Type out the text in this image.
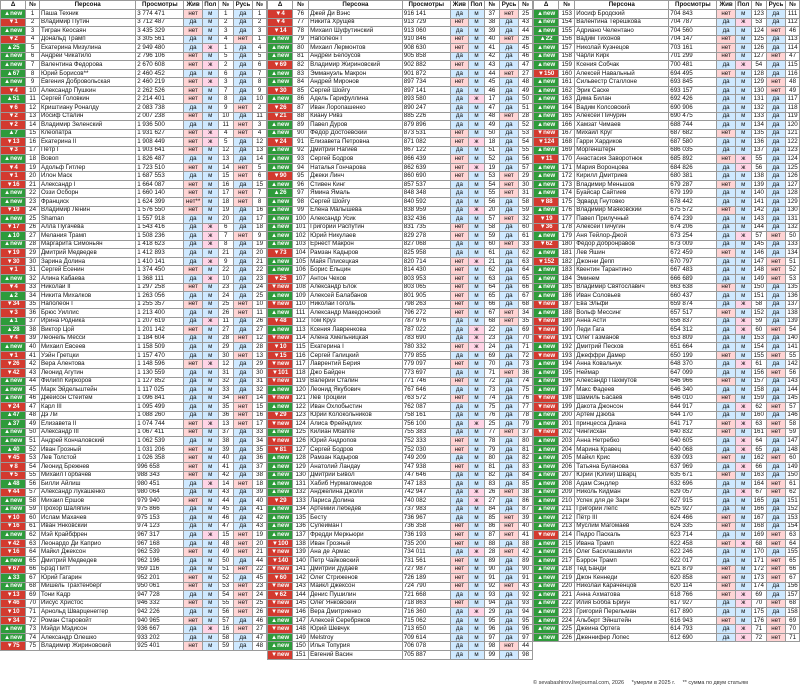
Δ	№	Персона	Просмотры	Жив	Пол	№	Русь	№
▲new	1	Паша Техник	3 774 471	нет	м	1	да	1
▼1	2	Владимир Путин	3 712 487	да	м	2	да	2
▲new	3	Тигран Кеосаян	3 435 329	нет	м	3	да	3
▼2	4	Дональд Трамп	3 305 561	да	м	4	нет	1
▲25	5	Екатерина Мизулина	2 949 480	да	ж	1	да	4
▲new	6	Андрей Чикатило	2 796 106	нет	м	5	да	5
▲new	7	Валентина Федорова	2 670 608	нет	ж	2	да	6
▲67	8	Юрий Борисов**	2 460 452	да	м	6	да	7
▲new	9	Евгения Добровольская	2 460 219	нет	ж	3	да	8
▼4	10	Александр Пушкин	2 262 526	нет	м	7	да	9
▲51	11	Сергей Головкин	2 214 401	нет	м	8	да	10
▼6	12	Криштиану Роналду	2 083 738	да	м	9	нет	2
▼2	13	Иосиф Сталин	2 007 238	нет	м	10	да	11
▼2	14	Владимир Зеленский	1 936 500	да	м	11	нет	3
▲7	15	Клеопатра	1 931 627	нет	ж	4	нет	4
▼13	16	Екатерина II	1 908 449	нет	ж	5	да	12
▼3	17	Пётр I	1 903 641	нет	м	12	да	13
▲new	18	Вовоп	1 826 487	да	м	13	да	14
▼4	19	Адольф Гитлер	1 723 510	нет	м	14	нет	5
▼1	20	Илон Маск	1 687 553	да	м	15	нет	6
▼16	21	Александр I	1 664 087	нет	м	16	да	15
▲new	22	Оззи Осборн	1 660 140	нет	м	17	нет	7
▲new	23	Франциск	1 624 399	нет**	м	18	нет	8
▼19	24	Владимир Ленин	1 576 550	нет	м	19	да	16
▲new	25	Shaman	1 557 918	да	м	20	да	17
▼17	26	Алла Пугачёва	1 543 416	да	ж	6	да	18
▲10	27	Мелания Трамп	1 508 236	да	ж	7	нет	9
▲new	28	Маргарита Симоньян	1 418 623	да	ж	8	да	19
▼19	29	Дмитрий Медведев	1 412 893	да	м	21	да	20
▼30	30	Зарина Долина	1 410 141	да	ж	9	да	21
▼1	31	Сергей Есенин	1 374 450	нет	м	22	да	22
▲new	32	Алина Кабаева	1 368 111	да	ж	10	да	23
▼4	33	Николай II	1 297 258	нет	м	23	да	24
▲2	34	Никита Михалков	1 263 056	да	м	24	да	25
▼34	35	Наполеон I	1 255 357	нет	м	25	нет	10
▼3	36	Брюс Уиллис	1 213 400	да	м	26	нет	11
▲1	37	Ирина Родника	1 207 619	да	ж	11	да	26
▲28	38	Виктор Цой	1 201 142	нет	м	27	да	27
▼4	39	Леонель Месси	1 184 604	да	м	28	нет	12
▲new	40	Михаил Евсеев	1 158 509	да	м	29	да	28
▼1	41	Уэйн Гретцки	1 157 470	да	м	30	нет	13
▼26	42	Вера Алентова	1 148 596	нет	ж	12	да	29
▼42	43	Леонид Агутин	1 130 559	да	м	31	да	30
▲new	44	Филипп Киркоров	1 127 852	да	м	32	да	31
▲new	45	Марк Эйдельштейн	1 117 025	да	м	33	да	32
▲new	46	Джейсон Стейтем	1 096 841	да	м	34	нет	14
▼24	47	Карл III	1 095 499	да	м	35	нет	15
▲47	48	Дэ Ли	1 088 260	да	м	36	нет	16
▲37	49	Елизавета II	1 074 744	нет	ж	13	нет	17
▲new	50	Александр III	1 067 411	нет	м	37	да	33
▲new	51	Андрей Кончаловский	1 062 539	да	м	38	да	34
▲40	52	Иван Грозный	1 031 206	нет	м	39	да	35
▼45	53	Лев Толстой	1 026 358	нет	м	40	да	36
▼8	54	Леонид Брежнев	996 658	нет	м	41	да	37
▼5	55	Михаил Горбачёв	988 343	нет	м	42	да	38
▲48	56	Билли Айлиш	980 451	да	ж	14	нет	18
▼44	57	Александр Лукашенко	980 064	да	м	43	да	39
▲new	58	Михаил Ершов	979 940	нет	м	44	да	40
▲new	59	Прохор Шаляпин	975 866	да	м	45	да	41
▼10	60	Ислам Махачев	975 153	да	м	46	да	42
▼16	61	Иван Янковский	974 123	да	м	47	да	43
▲new	62	Мэй Крайбфрен	967 317	да	ж	15	нет	19
▼42	63	Леонардо Ди Каприо	967 168	да	м	48	нет	20
▼16	64	Майкл Джексон	962 539	нет	м	49	нет	21
▲new	65	Дмитрий Медведев	962 196	да	м	50	да	44
▼67	66	Брэд Питт	959 116	да	м	51	нет	22
▲33	67	Юрий Гагарин	952 201	нет	м	52	да	45
▲new	68	Мишель Трахтенберг	950 061	нет	м	53	нет	23
▼13	69	Тони Кадр	947 728	да	м	54	нет	24
▼46	70	Иисус Христос	946 332	нет	м	55	нет	25
▼10	71	Арнольд Шварценеггер	942 226	да	м	56	нет	26
▼34	72	Роман Старовойт	940 965	нет	м	57	да	46
▲new	73	Мэйди Мэдисон	936 667	да	ж	16	нет	27
▲new	74	Александр Олешко	933 202	да	м	58	да	47
▼75	75	Владимир Жириновский	925 401	нет	м	59	да	48
Δ	№	Персона	Просмотры	Жив	Пол	№	Русь	№
▼4	76	Джей Ди Вэнс	916 141	да	м	37	нет	25
▼4	77	Никита Хрущёв	913 729	нет	м	38	да	43
▼14	78	Михаил Шуфутинский	913 060	да	м	39	да	44
▲new	79	Наполеон I	910 846	нет	м	40	нет	26
▲new	80	Михаил Лермонтов	908 630	нет	м	41	да	45
▲new	81	Андрей Белоусов	905 858	да	м	42	да	46
▼69	82	Владимир Жириновский	902 882	нет	м	43	да	47
▲new	83	Эммануэль Макрон	901 872	да	м	44	нет	27
▲new	84	Андрей Миронов	897 734	нет	м	45	да	48
▼30	85	Сергей Шойгу	897 141	да	м	46	да	49
▲new	86	Адель Гарифуллина	893 580	да	ж	17	да	50
▼26	87	Иван Лоропашенко	890 247	да	м	47	да	51
▼21	88	Киану Ривз	885 226	да	м	48	нет	28
▲new	89	Павел Дуров	879 896	да	м	49	да	52
▲new	90	Фёдор Достоевский	873 531	нет	м	50	да	53
▼24	91	Елизавета Петровна	871 082	нет	ж	18	да	54
▲new	92	Дмитрий Нагиев	867 122	да	м	51	да	55
▲new	93	Сергей Бодров	866 439	нет	м	52	да	56
▲new	94	Наталья Гончарова	862 639	нет	ж	19	да	57
▼90	95	Джеки Линч	860 690	нет	м	53	нет	29
▲new	96	Стивен Кинг	857 537	да	м	54	нет	30
▲26	97	Ямина Ямаль	848 348	да	м	55	нет	31
▲new	98	Сергей Шойгу	840 592	да	м	56	да	58
▲new	99	Елена Малышева	838 959	да	ж	20	да	59
▲new	100	Александр Усик	832 436	да	м	57	нет	32
▲new	101	Григорий Распутин	831 735	нет	м	58	да	60
▲new	102	Юрий Никулаев	829 278	нет	м	59	да	61
▲new	103	Ернест Макрон	827 068	да	м	60	нет	33
▼73	104	Рамзан Кадыров	825 958	да	м	61	да	62
▲new	105	Майя Плисецкая	820 714	нет	ж	21	да	63
▲new	106	Борис Ельцин	814 430	нет	м	62	да	64
▼25	107	Антон Чехов	803 953	нет	м	63	да	65
▼new	108	Александр Блок	803 065	нет	м	64	да	66
▲new	109	Алексей Балабанов	801 905	нет	м	65	да	67
▼new	110	Николай Гоголь	798 263	нет	м	66	да	68
▲new	111	Александр Македонский	796 272	нет	м	67	нет	34
▼48	112	Том Круз	787 976	да	м	68	нет	35
▲new	113	Ксения Лавренкова	787 022	да	ж	22	да	69
▼new	114	Алена Хмельницкая	783 690	да	ж	23	да	70
▼10	115	Екатерина I	780 332	нет	ж	24	да	71
▼15	116	Сергей Галицкий	779 855	да	м	69	да	72
▼new	117	Лаврентий Берия	779 097	нет	м	70	да	73
▼101	118	Джо Байден	773 697	да	м	71	нет	36
▼new	119	Валерий Сталин	771 746	нет	м	72	да	74
▲new	120	Леонид Якубович	767 646	да	м	73	да	75
▼new	121	Лев Троцкий	763 572	нет	м	74	да	76
▲new	122	Иван Охлобыстин	762 087	да	м	75	да	77
▼29	123	Юрий Колокольников	758 161	да	м	76	да	78
▼new	124	Алиса Фрейндлих	756 100	да	ж	25	да	79
▲new	125	Килиан Мбаппе	755 383	да	м	77	нет	37
▼new	126	Юрий Андропов	752 333	нет	м	78	да	80
▼81	127	Сергей Бодров	752 030	нет	м	79	да	81
▲new	128	Рамзан Кадыров	749 209	да	м	80	да	82
▲new	129	Анатолий Ландау	747 938	нет	м	81	да	83
▲new	130	Дмитрий Бивол	747 646	да	м	82	да	84
▲new	131	Хабиб Нурмагомедов	747 183	да	м	83	да	85
▲new	132	Анджелина Джоли	742 947	да	ж	26	нет	38
▼29	133	Лариса Долина	740 082	да	ж	27	да	86
▲new	134	Артемий Лебедев	737 983	да	м	84	да	87
▲new	135	Бесту	736 967	да	м	85	нет	39
▲new	136	Сулейман I	736 358	нет	м	86	нет	40
▲new	137	Фредди Меркьюри	736 193	нет	м	87	нет	41
▼100	138	Иван Грозный	735 200	нет	м	88	да	88
▼new	139	Ана де Армас	734 011	да	ж	28	нет	42
▼140	140	Петр Чайковский	731 561	нет	м	89	да	89
▼new	141	Дмитрий Дудаев	727 987	нет	м	90	да	90
▼60	142	Олег Стриженов	726 189	нет	м	91	да	91
▼new	143	Майкл Джексон	724 790	нет	м	92	нет	43
▼62	144	Денис Пушилин	721 668	да	м	93	да	92
▼new	145	Олег Янковский	718 863	нет	м	94	да	93
▼new	146	Вера Дмитриенко	716 360	да	ж	29	да	94
▲new	147	Алексей Серебряков	715 062	да	м	95	да	95
▼new	148	Юрий Шевчук	713 650	да	м	96	да	96
▲new	149	Melstroy	709 614	да	м	97	да	97
▲new	150	Илья Топурия	706 078	да	м	98	нет	44
▼new	151	Евгений Васин	705 887	да	м	99	да	98
Δ	№	Персона	Просмотры	Жив	Пол	№	Русь	№
▲new	153	Иосиф Бродский	704 843	нет	м	123	да	111
▲new	154	Валентина Терешкова	704 787	да	ж	53	да	112
▲new	155	Адриано Челентано	704 560	да	м	124	нет	46
▲22	156	Вадим Тихонов	704 147	нет	м	125	да	113
▲new	157	Николай Кузнецов	703 161	нет	м	126	да	114
▲new	158	Чарли Кирк	701 299	нет	м	127	нет	47
▲new	159	Ксения Собчак	700 481	да	ж	54	да	115
▼150	160	Алексей Навальный	694 495	нет	м	128	да	116
▲new	161	Сильвестр Сталлоне	693 845	да	м	129	нет	48
▲new	162	Эрик Саске	693 157	да	м	130	нет	49
▲new	163	Дима Билан	692 426	да	м	131	да	117
▲new	164	Вадим Колсовский	690 906	да	м	132	да	118
▲new	165	Алексей Пичурин	690 475	да	м	133	да	119
▲new	166	Хамзат Чимаев	688 744	да	м	134	да	120
▼new	167	Михаил Круг	687 682	нет	м	135	да	121
▼124	168	Гарри Хардиков	687 580	да	м	136	да	122
▲new	169	Моргенштерн	686 035	да	м	137	да	123
▼11	170	Анастасия Заворотнюк	685 892	нет	ж	55	да	124
▲new	171	Мария Воронцова	684 826	да	ж	56	да	125
▲new	172	Кирилл Дмитриев	680 381	да	м	138	да	126
▲new	173	Владимир Меньшов	679 287	нет	м	139	да	127
▲new	174	Буайсар Сайтиев	679 199	да	м	140	да	128
▼88	175	Эдвард Гнутовко	678 442	да	м	141	да	129
▲new	176	Владимир Маяковский	675 572	нет	м	142	да	130
▼19	177	Павел Прилучный	674 239	да	м	143	да	131
▼36	178	Алексей Пичугин	674 206	да	м	144	да	132
▲new	179	Аня Тейлор-Джой	673 254	да	ж	57	нет	50
▼62	180	Фёдор Добронравов	673 009	да	м	145	да	133
▲new	181	Лев Яшин	672 459	нет	м	146	да	134
▼152	182	Джонни Депп	670 797	да	м	147	нет	51
▲new	183	Квентин Тарантино	667 483	да	м	148	нет	52
▲new	184	Эминем	666 689	да	м	149	нет	53
▲new	185	Владимир Святославич	663 638	нет	м	150	да	135
▲new	186	Иван Соловьев	660 437	да	м	151	да	136
▼new	187	Ева Эльфи	659 874	да	ж	58	да	137
▲new	188	Вольф Мессинг	657 517	нет	м	152	да	138
▼new	189	Анна Асти	656 837	да	ж	59	да	139
▼new	190	Леди Гага	654 312	да	ж	60	нет	54
▼new	191	Олег Газманов	653 809	да	м	153	да	140
▲new	192	Дмитрий Песков	651 664	да	м	154	да	141
▼new	193	Джеффри Дамер	650 199	нет	м	155	нет	55
▲new	194	Анна Ковальчук	648 370	да	ж	61	да	142
▲new	195	Неймар	647 099	да	м	156	нет	56
▲new	196	Александр Пахмутов	646 966	нет	м	157	да	143
▲new	197	Макс Фадеев	646 340	да	м	158	да	144
▼new	198	Шамиль Басаев	646 010	нет	м	159	да	145
▼new	199	Дакота Джонсон	644 917	да	ж	62	нет	57
▲new	200	Артём Дзюба	644 170	да	м	160	да	146
▲new	201	принцесса Диана	641 717	нет	ж	63	нет	58
▼new	202	Чингисхан	640 832	нет	м	161	нет	59
▲new	203	Анна Нетребко	640 605	да	ж	64	да	147
▲new	204	Марина Кравец	640 068	да	ж	65	да	148
▲new	205	Майкл Крис	639 093	нет	м	162	нет	60
▲new	206	Татьяна Буланова	637 969	да	ж	66	да	149
▲new	207	Юрий (Юлий) Шварц	635 671	нет	м	163	да	150
▲new	208	Адам Сэндлер	632 696	да	м	164	нет	61
▲new	209	Николь Кидман	629 057	да	ж	67	нет	62
▲new	210	Успех для де Зари	627 915	да	м	165	да	151
▲new	211	Григорий Лепс	625 927	да	м	166	да	152
▲new	212	Пётр III	624 466	нет	м	167	да	153
▲new	213	Муслим Магомаев	624 335	нет	м	168	да	154
▼new	214	Педро Паскаль	623 714	да	м	169	нет	63
▲new	215	Ивана Трамп	622 458	нет	ж	68	нет	64
▲new	216	Олег Басилашвили	622 246	да	м	170	да	155
▲new	217	Бэррон Трамп	622 017	да	м	171	нет	65
▲new	218	Тед Банди	621 879	нет	м	172	нет	66
▲new	219	Джон Кеннеди	620 858	нет	м	173	нет	67
▲new	220	Николай Караченцов	620 114	нет	м	174	да	156
▲new	221	Анна Ахматова	618 766	нет	ж	69	да	157
▲new	222	Илия Бобба Бриун	617 927	да	ж	70	нет	68
▲new	223	Григорий Перельман	617 890	да	м	175	да	158
▲new	224	Альберт Эйнштейн	616 943	нет	м	176	нет	69
▲new	225	Джеина Ортега	614 793	да	ж	71	нет	70
▲new	226	Дженнифер Лопес	612 690	да	ж	72	нет	71
© sevabashirov.livejournal.com, 2026 *умерли в 2025 г. ** сумма по двум статьям
